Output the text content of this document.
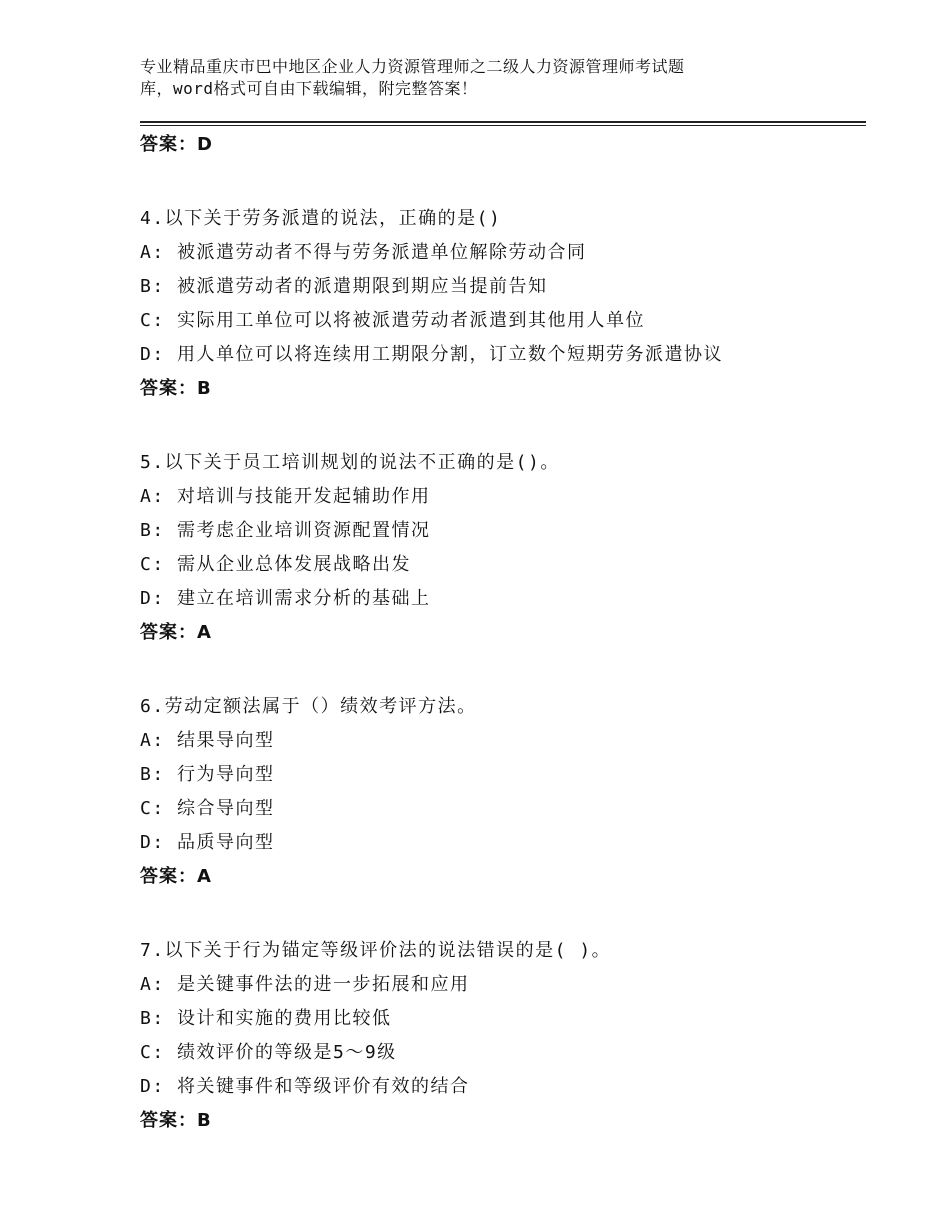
专业精品重庆市巴中地区企业人力资源管理师之二级人力资源管理师考试题
库，word格式可自由下载编辑，附完整答案！
答案：D
4.以下关于劳务派遣的说法，正确的是()
A: 被派遣劳动者不得与劳务派遣单位解除劳动合同
B: 被派遣劳动者的派遣期限到期应当提前告知
C: 实际用工单位可以将被派遣劳动者派遣到其他用人单位
D: 用人单位可以将连续用工期限分割，订立数个短期劳务派遣协议
答案：B
5.以下关于员工培训规划的说法不正确的是()。
A: 对培训与技能开发起辅助作用
B: 需考虑企业培训资源配置情况
C: 需从企业总体发展战略出发
D: 建立在培训需求分析的基础上
答案：A
6.劳动定额法属于（）绩效考评方法。
A: 结果导向型
B: 行为导向型
C: 综合导向型
D: 品质导向型
答案：A
7.以下关于行为锚定等级评价法的说法错误的是( )。
A: 是关键事件法的进一步拓展和应用
B: 设计和实施的费用比较低
C: 绩效评价的等级是5～9级
D: 将关键事件和等级评价有效的结合
答案：B
